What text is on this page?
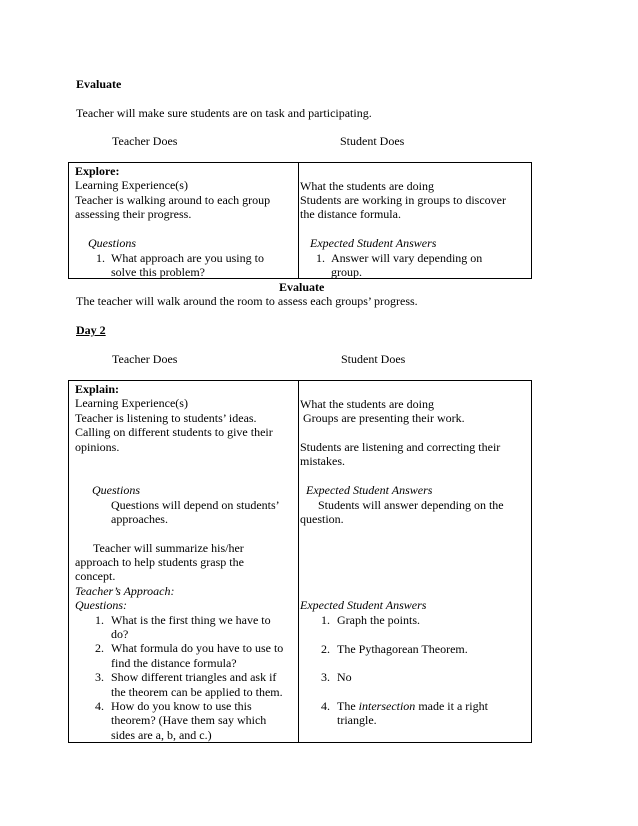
Evaluate
Teacher will make sure students are on task and participating.
Teacher Does	Student Does
Explore:
Learning Experience(s)
Teacher is walking around to each group
assessing their progress.
What the students are doing
Students are working in groups to discover
the distance formula.
Questions
1. What approach are you using to
solve this problem?
Expected Student Answers
1. Answer will vary depending on
group.
Evaluate
The teacher will walk around the room to assess each groups’ progress.
Day 2
Teacher Does	Student Does
Explain:
Learning Experience(s)
Teacher is listening to students’ ideas.
Calling on different students to give their
opinions.
What the students are doing
Groups are presenting their work.
Students are listening and correcting their
mistakes.
Questions
Questions will depend on students’
approaches.
Expected Student Answers
Students will answer depending on the
question.
Teacher will summarize his/her
approach to help students grasp the
concept.
Teacher’s Approach:
Questions:
1. What is the first thing we have to
do?
2. What formula do you have to use to
find the distance formula?
3. Show different triangles and ask if
the theorem can be applied to them.
4. How do you know to use this
theorem? (Have them say which
sides are a, b, and c.)
Expected Student Answers
1. Graph the points.
2. The Pythagorean Theorem.
3. No
4. The intersection made it a right
triangle.
